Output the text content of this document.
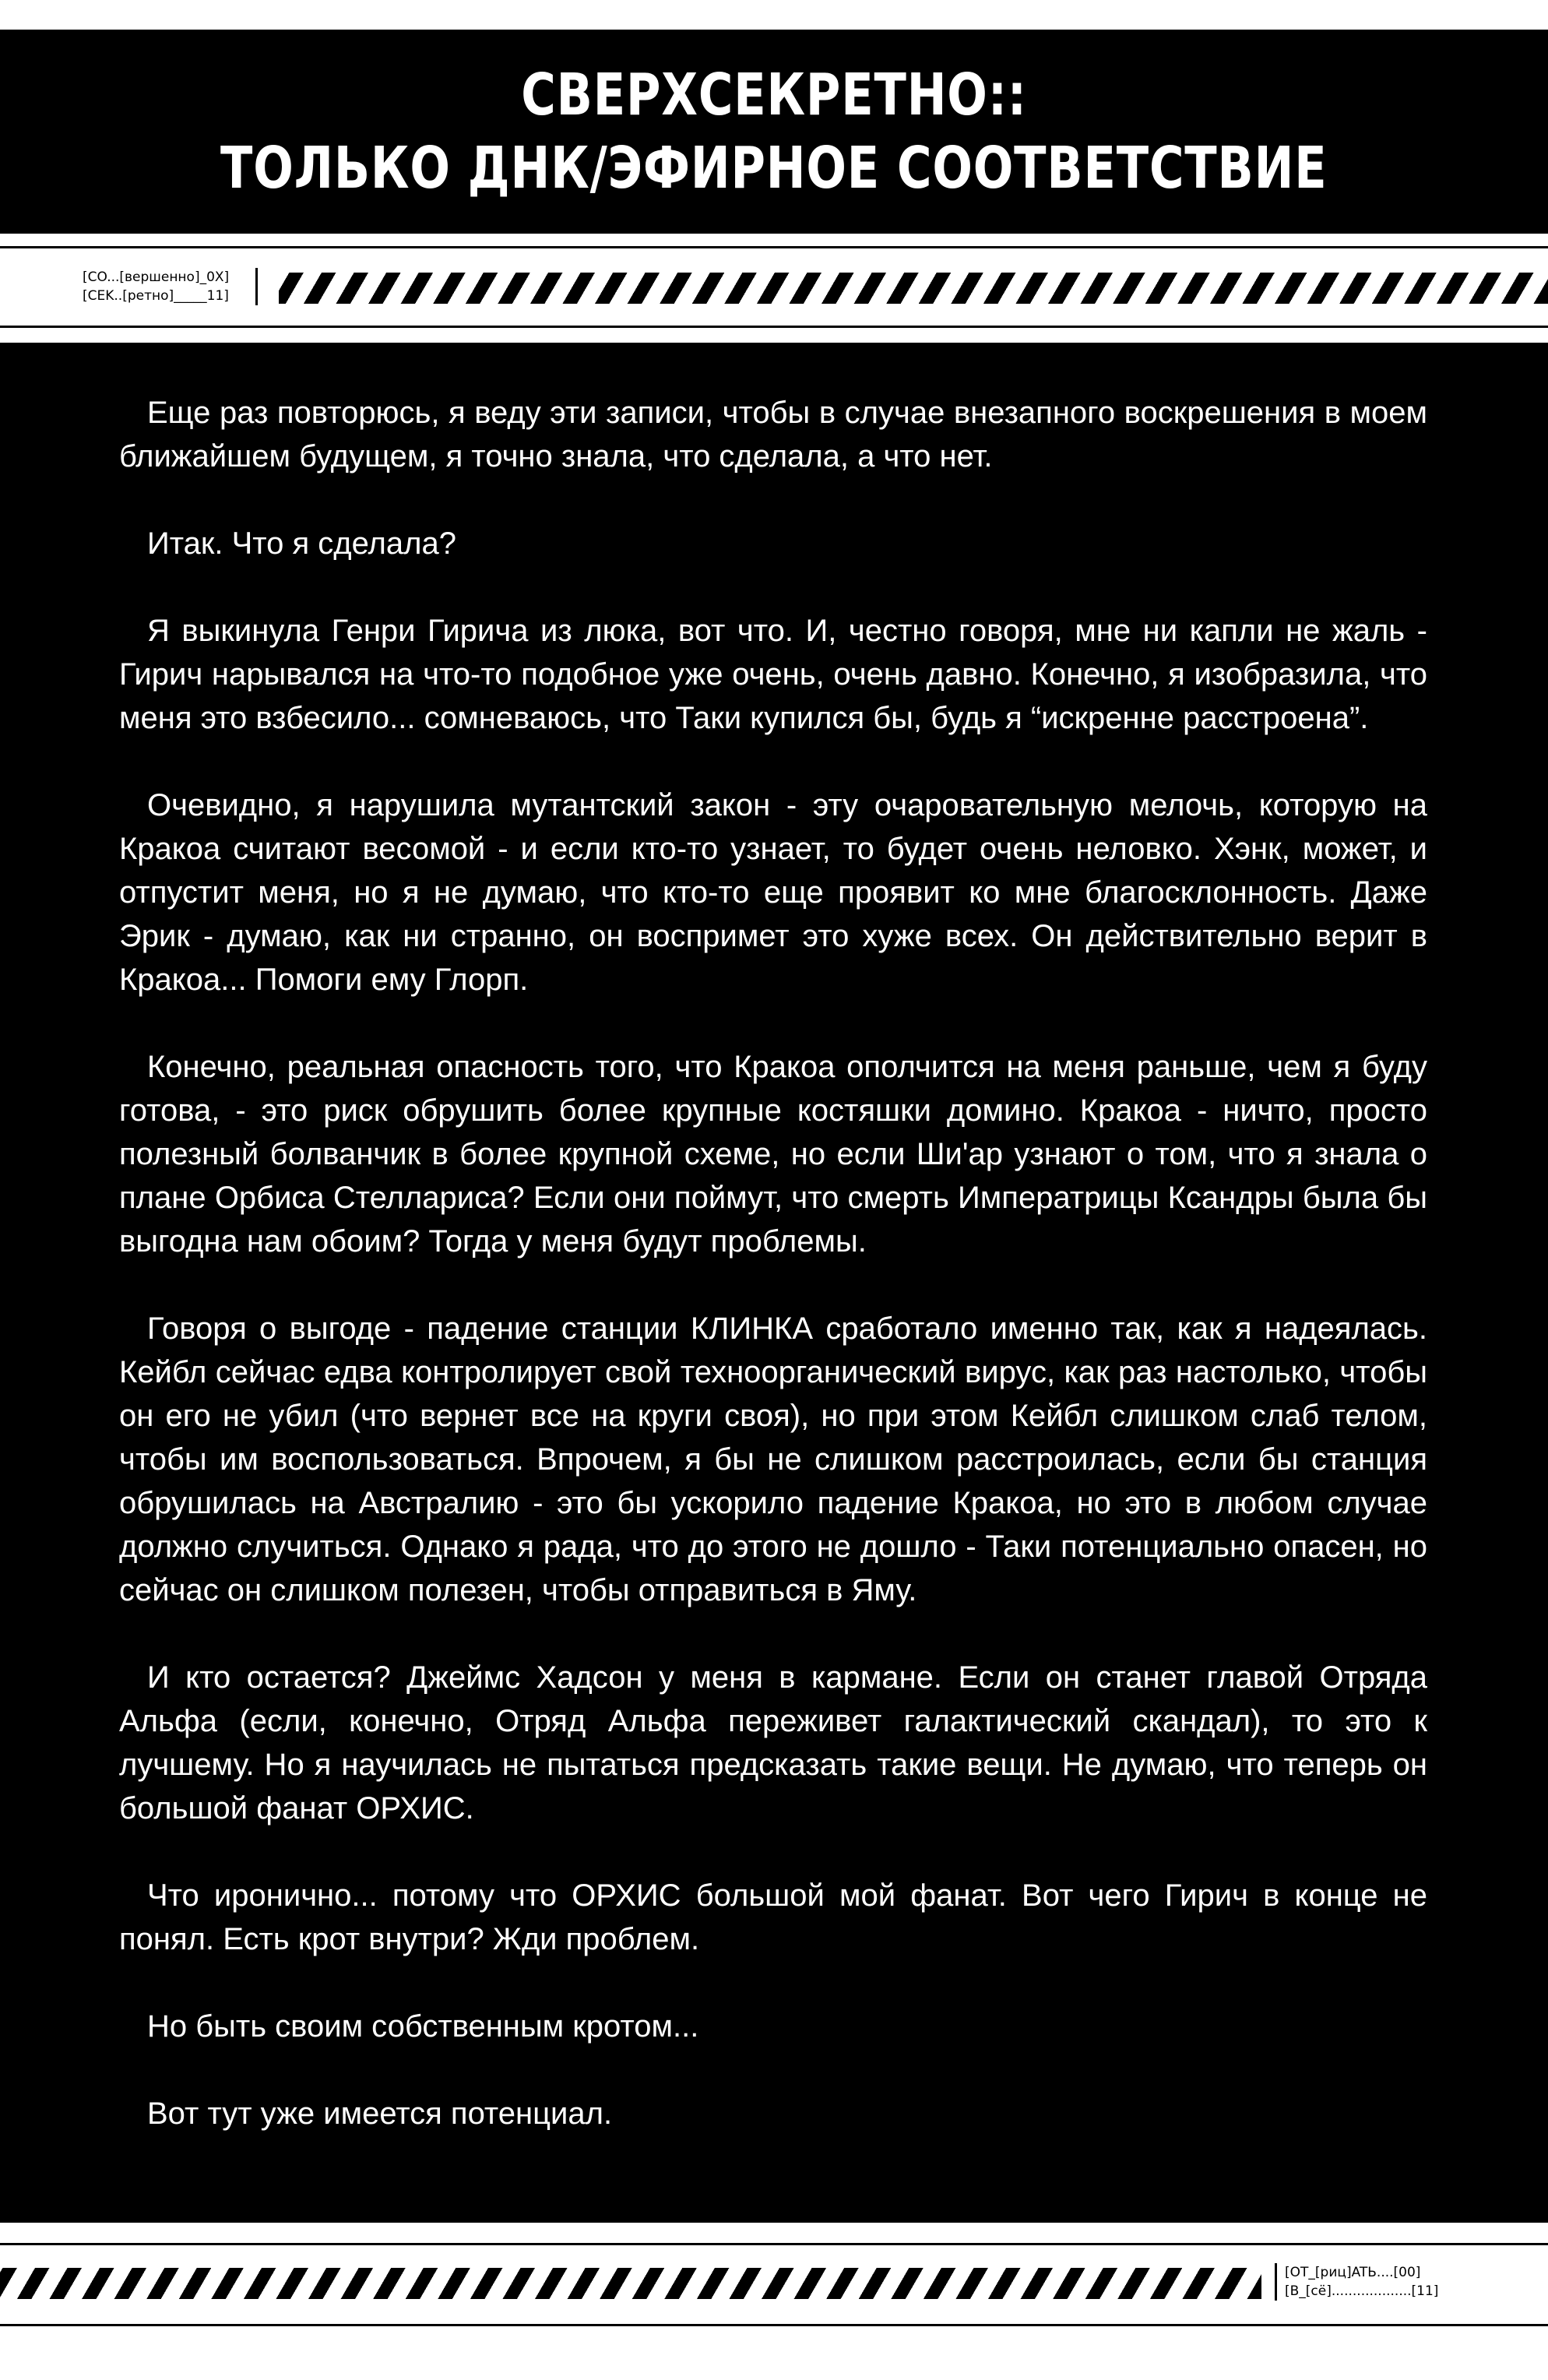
СВЕРХСЕКРЕТНО::
ТОЛЬКО ДНК/ЭФИРНОЕ СООТВЕТСТВИЕ
[CO...[вершенно]_0X]
[CEK..[ретно]_____11]

Еще раз повторюсь, я веду эти записи, чтобы в случае внезапного воскрешения в моем ближайшем будущем, я точно знала, что сделала, а что нет.

Итак. Что я сделала?

Я выкинула Генри Гирича из люка, вот что. И, честно говоря, мне ни капли не жаль - Гирич нарывался на что-то подобное уже очень, очень давно. Конечно, я изобразила, что меня это взбесило... сомневаюсь, что Таки купился бы, будь я “искренне расстроена”.

Очевидно, я нарушила мутантский закон - эту очаровательную мелочь, которую на Кракоа считают весомой - и если кто-то узнает, то будет очень неловко. Хэнк, может, и отпустит меня, но я не думаю, что кто-то еще проявит ко мне благосклонность. Даже Эрик - думаю, как ни странно, он воспримет это хуже всех. Он действительно верит в Кракоа... Помоги ему Глорп.

Конечно, реальная опасность того, что Кракоа ополчится на меня раньше, чем я буду готова, - это риск обрушить более крупные костяшки домино. Кракоа - ничто, просто полезный болванчик в более крупной схеме, но если Ши'ар узнают о том, что я знала о плане Орбиса Стеллариса? Если они поймут, что смерть Императрицы Ксандры была бы выгодна нам обоим? Тогда у меня будут проблемы.

Говоря о выгоде - падение станции КЛИНКА сработало именно так, как я надеялась. Кейбл сейчас едва контролирует свой техноорганический вирус, как раз настолько, чтобы он его не убил (что вернет все на круги своя), но при этом Кейбл слишком слаб телом, чтобы им воспользоваться. Впрочем, я бы не слишком расстроилась, если бы станция обрушилась на Австралию - это бы ускорило падение Кракоа, но это в любом случае должно случиться. Однако я рада, что до этого не дошло - Таки потенциально опасен, но сейчас он слишком полезен, чтобы отправиться в Яму.

И кто остается? Джеймс Хадсон у меня в кармане. Если он станет главой Отряда Альфа (если, конечно, Отряд Альфа переживет галактический скандал), то это к лучшему. Но я научилась не пытаться предсказать такие вещи. Не думаю, что теперь он большой фанат ОРХИС.

Что иронично... потому что ОРХИС большой мой фанат. Вот чего Гирич в конце не понял. Есть крот внутри? Жди проблем.

Но быть своим собственным кротом...

Вот тут уже имеется потенциал.

[OT_[риц]ATЬ....[00]
[B_[cё]...................[11]
